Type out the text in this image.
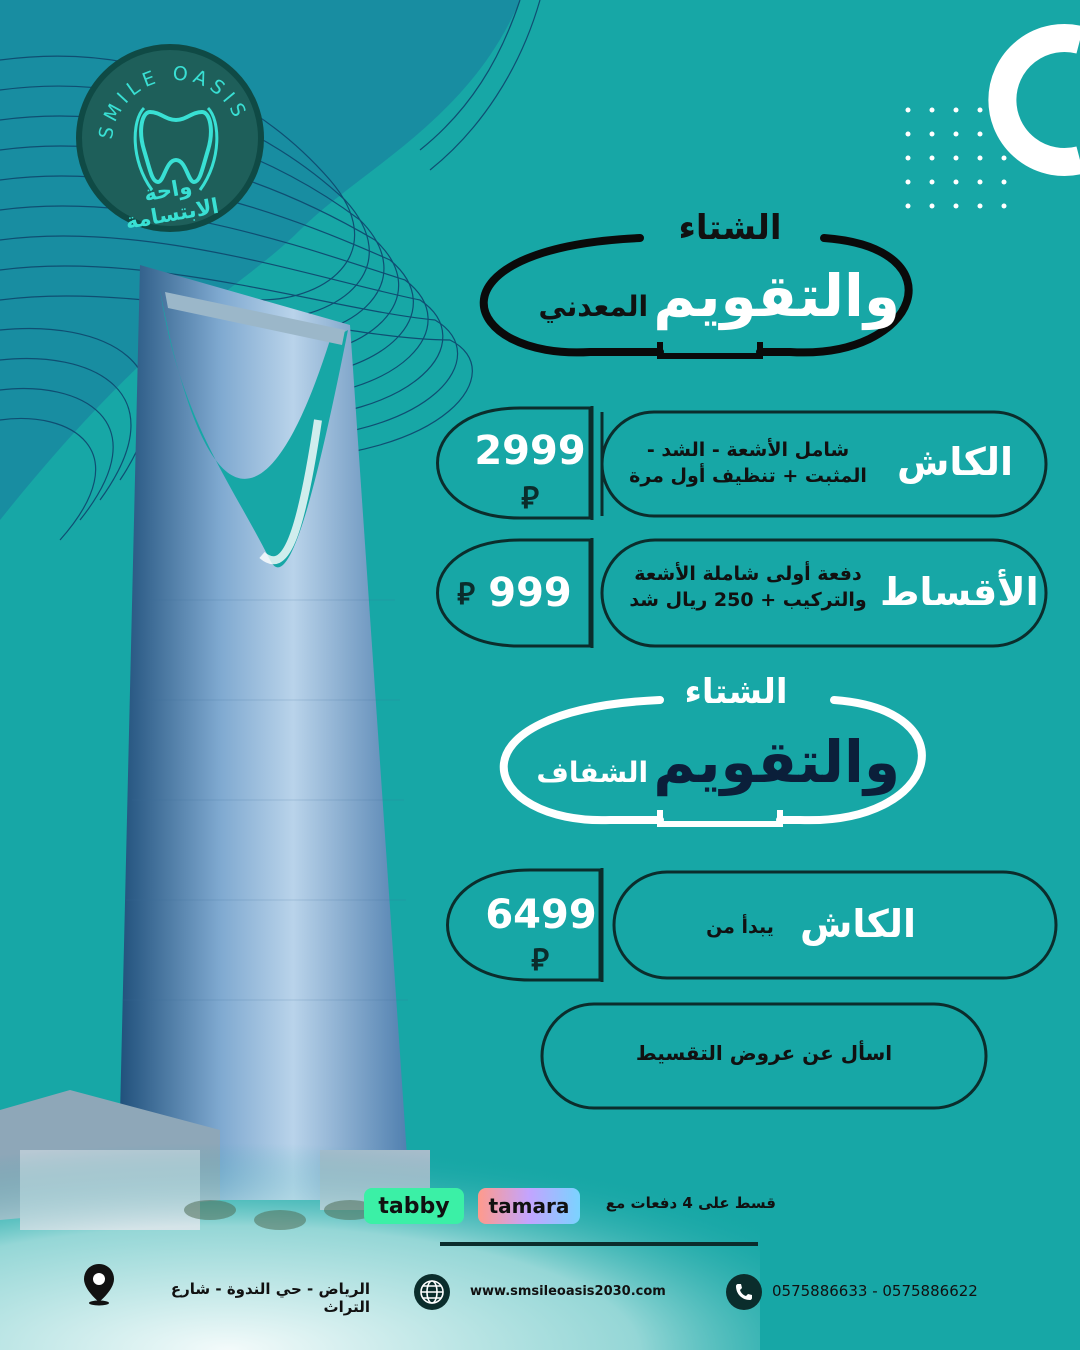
SMILE OASIS
واحة الابتسامة	الشتاء
والتقويم المعدني
الكاش
شامل الأشعة - الشد -
المثبت + تنظيف أول مرة
2999
⃁
الأقساط
دفعة أولى شاملة الأشعة
والتركيب + 250 ريال شد
999
⃁
الشتاء
والتقويم الشفاف
الكاش
يبدأ من
6499
⃁
اسأل عن عروض التقسيط
قسط على 4 دفعات مع
tamara
tabby
الرياض - حي الندوة - شارع التراث
www.smsileoasis2030.com	0575886633 - 0575886622
